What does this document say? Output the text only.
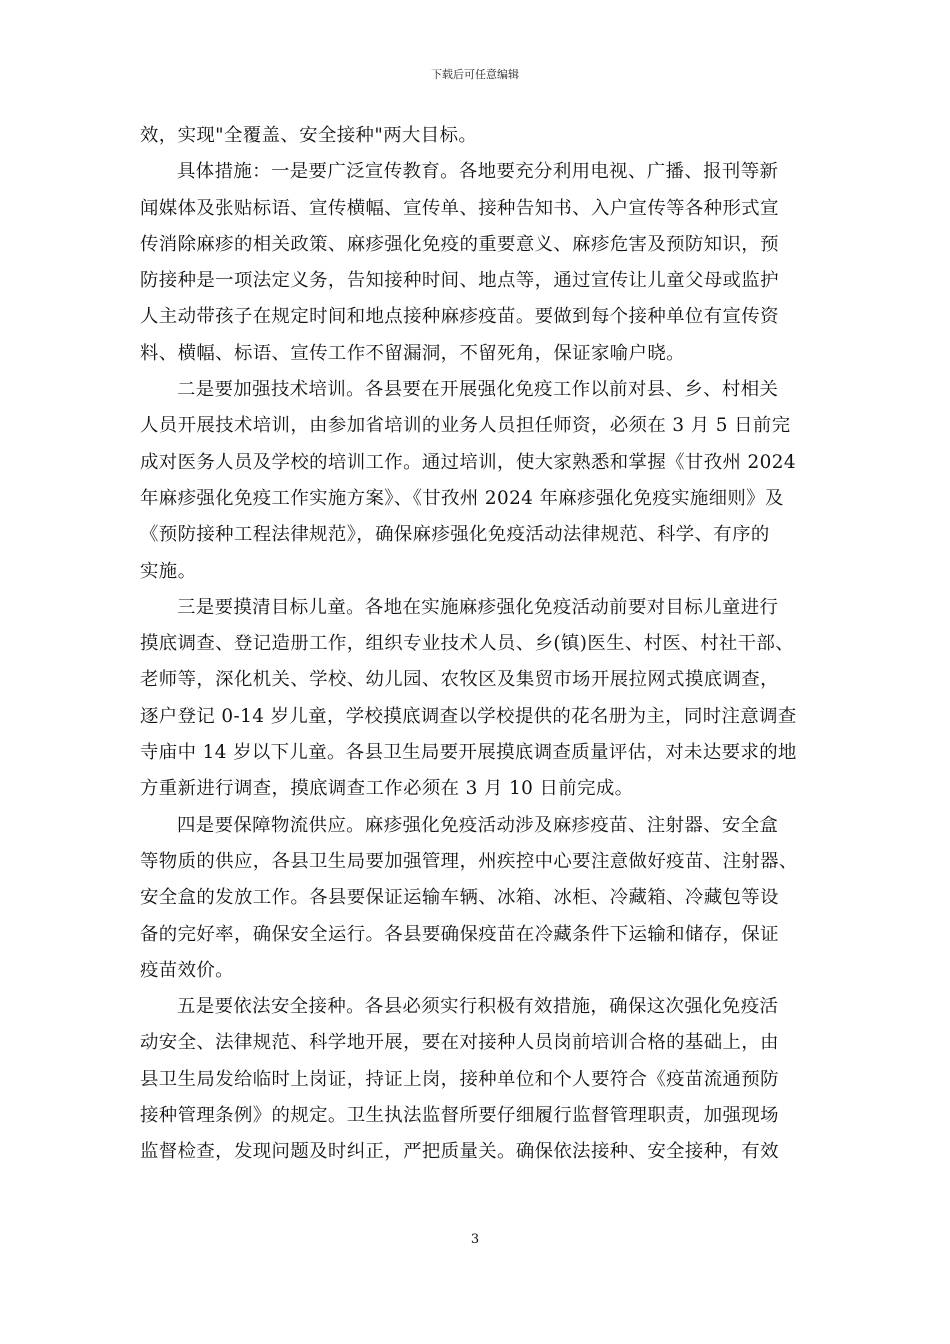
下载后可任意编辑
效，实现"全覆盖、安全接种"两大目标。
具体措施：一是要广泛宣传教育。各地要充分利用电视、广播、报刊等新
闻媒体及张贴标语、宣传横幅、宣传单、接种告知书、入户宣传等各种形式宣
传消除麻疹的相关政策、麻疹强化免疫的重要意义、麻疹危害及预防知识，预
防接种是一项法定义务，告知接种时间、地点等，通过宣传让儿童父母或监护
人主动带孩子在规定时间和地点接种麻疹疫苗。要做到每个接种单位有宣传资
料、横幅、标语、宣传工作不留漏洞，不留死角，保证家喻户晓。
二是要加强技术培训。各县要在开展强化免疫工作以前对县、乡、村相关
人员开展技术培训，由参加省培训的业务人员担任师资，必须在 3 月 5 日前完
成对医务人员及学校的培训工作。通过培训，使大家熟悉和掌握《甘孜州 2024
年麻疹强化免疫工作实施方案》、《甘孜州 2024 年麻疹强化免疫实施细则》及
《预防接种工程法律规范》，确保麻疹强化免疫活动法律规范、科学、有序的
实施。
三是要摸清目标儿童。各地在实施麻疹强化免疫活动前要对目标儿童进行
摸底调查、登记造册工作，组织专业技术人员、乡(镇)医生、村医、村社干部、
老师等，深化机关、学校、幼儿园、农牧区及集贸市场开展拉网式摸底调查，
逐户登记 0-14 岁儿童，学校摸底调查以学校提供的花名册为主，同时注意调查
寺庙中 14 岁以下儿童。各县卫生局要开展摸底调查质量评估，对未达要求的地
方重新进行调查，摸底调查工作必须在 3 月 10 日前完成。
四是要保障物流供应。麻疹强化免疫活动涉及麻疹疫苗、注射器、安全盒
等物质的供应，各县卫生局要加强管理，州疾控中心要注意做好疫苗、注射器、
安全盒的发放工作。各县要保证运输车辆、冰箱、冰柜、冷藏箱、冷藏包等设
备的完好率，确保安全运行。各县要确保疫苗在冷藏条件下运输和储存，保证
疫苗效价。
五是要依法安全接种。各县必须实行积极有效措施，确保这次强化免疫活
动安全、法律规范、科学地开展，要在对接种人员岗前培训合格的基础上，由
县卫生局发给临时上岗证，持证上岗，接种单位和个人要符合《疫苗流通预防
接种管理条例》的规定。卫生执法监督所要仔细履行监督管理职责，加强现场
监督检查，发现问题及时纠正，严把质量关。确保依法接种、安全接种，有效
3
